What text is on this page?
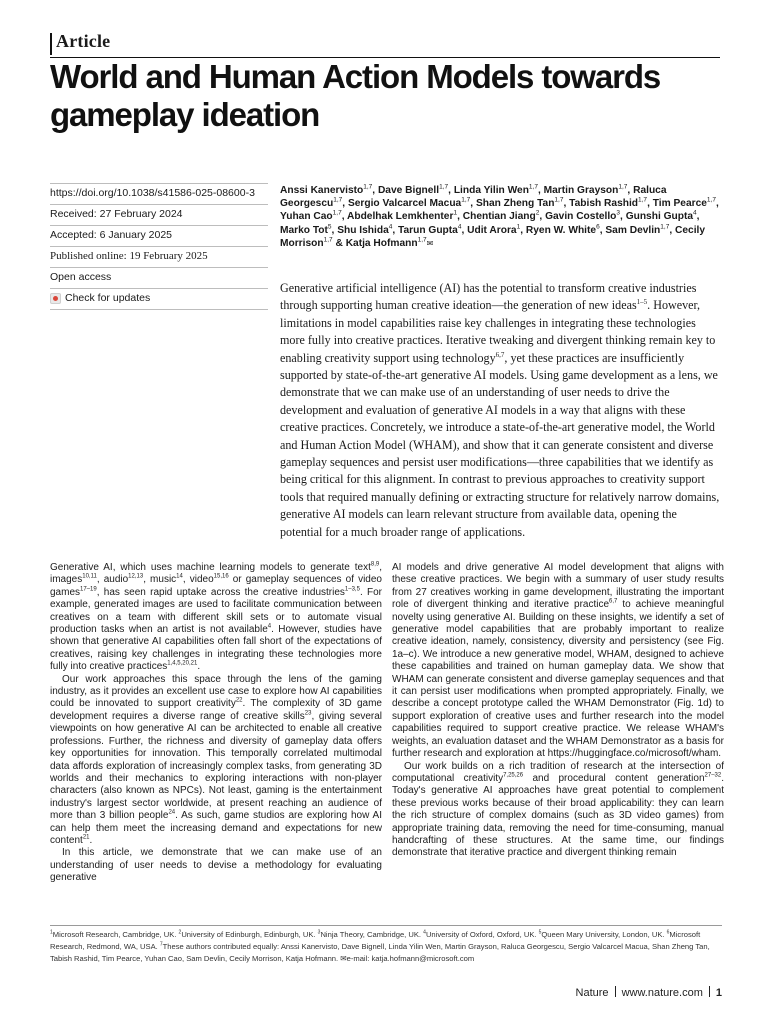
Article
World and Human Action Models towards gameplay ideation
https://doi.org/10.1038/s41586-025-08600-3
Received: 27 February 2024
Accepted: 6 January 2025
Published online: 19 February 2025
Open access
Check for updates
Anssi Kanervisto$^{1,7}$, Dave Bignell$^{1,7}$, Linda Yilin Wen$^{1,7}$, Martin Grayson$^{1,7}$, Raluca Georgescu$^{1,7}$, Sergio Valcarcel Macua$^{1,7}$, Shan Zheng Tan$^{1,7}$, Tabish Rashid$^{1,7}$, Tim Pearce$^{1,7}$, Yuhan Cao$^{1,7}$, Abdelhak Lemkhenter$^1$, Chentian Jiang$^2$, Gavin Costello$^3$, Gunshi Gupta$^4$, Marko Tot$^5$, Shu Ishida$^4$, Tarun Gupta$^4$, Udit Arora$^1$, Ryen W. White$^6$, Sam Devlin$^{1,7}$, Cecily Morrison$^{1,7}$ & Katja Hofmann$^{1,7}$✉

Generative artificial intelligence (AI) has the potential to transform creative industries through supporting human creative ideation—the generation of new ideas$^{1-5}$. However, limitations in model capabilities raise key challenges in integrating these technologies more fully into creative practices. Iterative tweaking and divergent thinking remain key to enabling creativity support using technology$^{6,7}$, yet these practices are insufficiently supported by state-of-the-art generative AI models. Using game development as a lens, we demonstrate that we can make use of an understanding of user needs to drive the development and evaluation of generative AI models in a way that aligns with these creative practices. Concretely, we introduce a state-of-the-art generative model, the World and Human Action Model (WHAM), and show that it can generate consistent and diverse gameplay sequences and persist user modifications—three capabilities that we identify as being critical for this alignment. In contrast to previous approaches to creativity support tools that required manually defining or extracting structure for relatively narrow domains, generative AI models can learn relevant structure from available data, opening the potential for a much broader range of applications.

Generative AI, which uses machine learning models to generate text$^{8,9}$, images$^{10,11}$, audio$^{12,13}$, music$^{14}$, video$^{15,16}$ or gameplay sequences of video games$^{17-19}$, has seen rapid uptake across the creative industries$^{1-3,5}$. For example, generated images are used to facilitate communication between creatives on a team with different skill sets or to automate visual production tasks when an artist is not available$^4$. However, studies have shown that generative AI capabilities often fall short of the expectations of creatives, raising key challenges in integrating these technologies more fully into creative practices$^{1,4,5,20,21}$.

Our work approaches this space through the lens of the gaming industry, as it provides an excellent use case to explore how AI capabilities could be innovated to support creativity$^{22}$. The complexity of 3D game development requires a diverse range of creative skills$^{23}$, giving several viewpoints on how generative AI can be architected to enable all creative professions. Further, the richness and diversity of gameplay data offers key opportunities for innovation. This temporally correlated multimodal data affords exploration of increasingly complex tasks, from generating 3D worlds and their mechanics to exploring interactions with non-player characters (also known as NPCs). Not least, gaming is the entertainment industry's largest sector worldwide, at present reaching an audience of more than 3 billion people$^{24}$. As such, game studios are exploring how AI can help them meet the increasing demand and expectations for new content$^{21}$.

In this article, we demonstrate that we can make use of an understanding of user needs to devise a methodology for evaluating generative

AI models and drive generative AI model development that aligns with these creative practices. We begin with a summary of user study results from 27 creatives working in game development, illustrating the important role of divergent thinking and iterative practice$^{6,7}$ to achieve meaningful novelty using generative AI. Building on these insights, we identify a set of generative model capabilities that are probably important to realize creative ideation, namely, consistency, diversity and persistency (see Fig. 1a–c). We introduce a new generative model, WHAM, designed to achieve these capabilities and trained on human gameplay data. We show that WHAM can generate consistent and diverse gameplay sequences and that it can persist user modifications when prompted appropriately. Finally, we describe a concept prototype called the WHAM Demonstrator (Fig. 1d) to support exploration of creative uses and further research into the model capabilities required to support creative practice. We release WHAM's weights, an evaluation dataset and the WHAM Demonstrator as a basis for further research and exploration at https://huggingface.co/microsoft/wham.

Our work builds on a rich tradition of research at the intersection of computational creativity$^{7,25,26}$ and procedural content generation$^{27-32}$. Today's generative AI approaches have great potential to complement these previous works because of their broad applicability: they can learn the rich structure of complex domains (such as 3D video games) from appropriate training data, removing the need for time-consuming, manual handcrafting of these structures. At the same time, our findings demonstrate that iterative practice and divergent thinking remain

$^1$Microsoft Research, Cambridge, UK. $^2$University of Edinburgh, Edinburgh, UK. $^3$Ninja Theory, Cambridge, UK. $^4$University of Oxford, Oxford, UK. $^5$Queen Mary University, London, UK. $^6$Microsoft Research, Redmond, WA, USA. $^7$These authors contributed equally: Anssi Kanervisto, Dave Bignell, Linda Yilin Wen, Martin Grayson, Raluca Georgescu, Sergio Valcarcel Macua, Shan Zheng Tan, Tabish Rashid, Tim Pearce, Yuhan Cao, Sam Devlin, Cecily Morrison, Katja Hofmann. ✉e-mail: katja.hofmann@microsoft.com

Nature www.nature.com 1
